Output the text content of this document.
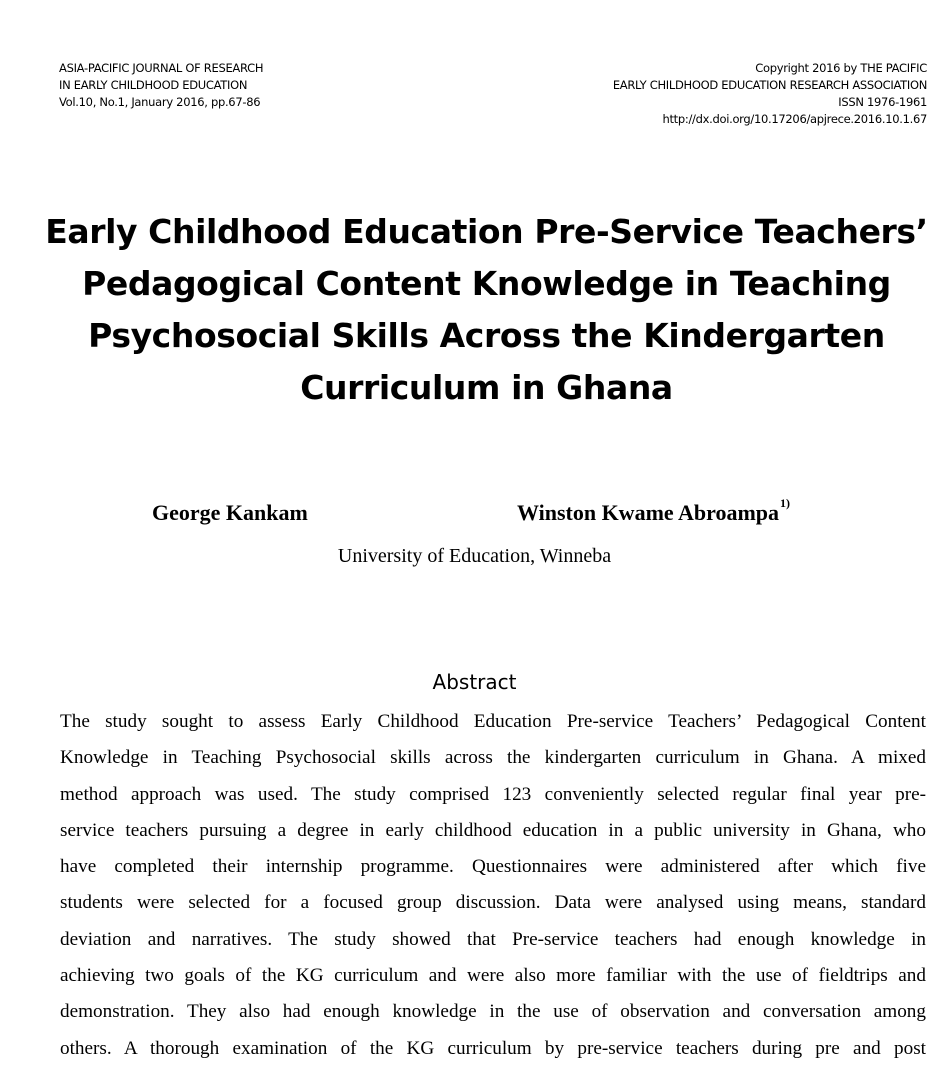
ASIA-PACIFIC JOURNAL OF RESEARCH
IN EARLY CHILDHOOD EDUCATION
Vol.10, No.1, January 2016, pp.67-86
Copyright 2016 by THE PACIFIC
EARLY CHILDHOOD EDUCATION RESEARCH ASSOCIATION
ISSN 1976-1961
http://dx.doi.org/10.17206/apjrece.2016.10.1.67
Early Childhood Education Pre-Service Teachers’
Pedagogical Content Knowledge in Teaching
Psychosocial Skills Across the Kindergarten
Curriculum in Ghana
George Kankam	Winston Kwame Abroampa$^{1)}$
University of Education, Winneba
Abstract
The study sought to assess Early Childhood Education Pre-service Teachers’ Pedagogical Content
Knowledge in Teaching Psychosocial skills across the kindergarten curriculum in Ghana. A mixed
method approach was used. The study comprised 123 conveniently selected regular final year pre-
service teachers pursuing a degree in early childhood education in a public university in Ghana, who
have completed their internship programme. Questionnaires were administered after which five
students were selected for a focused group discussion. Data were analysed using means, standard
deviation and narratives. The study showed that Pre-service teachers had enough knowledge in
achieving two goals of the KG curriculum and were also more familiar with the use of fieldtrips and
demonstration. They also had enough knowledge in the use of observation and conversation among
others. A thorough examination of the KG curriculum by pre-service teachers during pre and post
